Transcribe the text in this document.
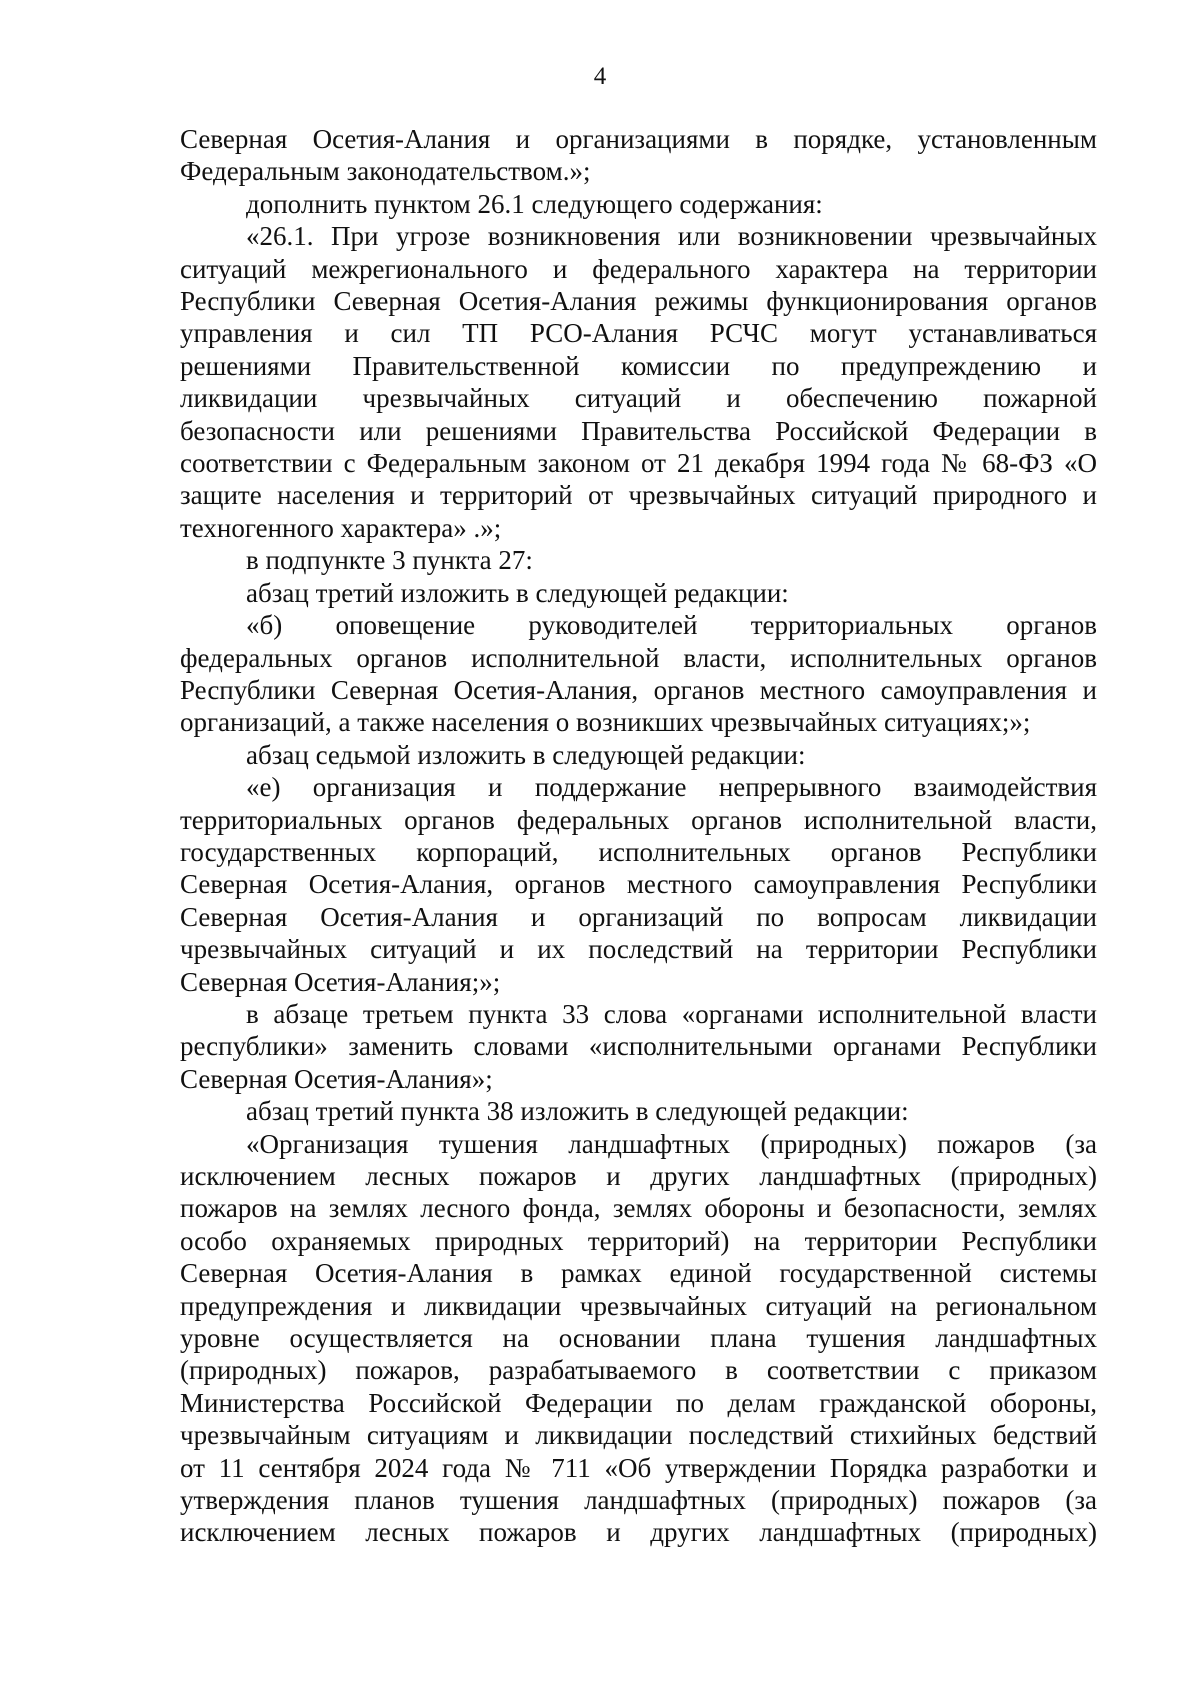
4

Северная Осетия-Алания и организациями в порядке, установленным

Федеральным законодательством.»;

дополнить пунктом 26.1 следующего содержания:

«26.1. При угрозе возникновения или возникновении чрезвычайных

ситуаций межрегионального и федерального характера на территории

Республики Северная Осетия-Алания режимы функционирования органов

управления и сил ТП РСО-Алания РСЧС могут устанавливаться

решениями Правительственной комиссии по предупреждению и

ликвидации чрезвычайных ситуаций и обеспечению пожарной

безопасности или решениями Правительства Российской Федерации в

соответствии с Федеральным законом от 21 декабря 1994 года № 68-ФЗ «О

защите населения и территорий от чрезвычайных ситуаций природного и

техногенного характера» .»;

в подпункте 3 пункта 27:

абзац третий изложить в следующей редакции:

«б) оповещение руководителей территориальных органов

федеральных органов исполнительной власти, исполнительных органов

Республики Северная Осетия-Алания, органов местного самоуправления и

организаций, а также населения о возникших чрезвычайных ситуациях;»;

абзац седьмой изложить в следующей редакции:

«е) организация и поддержание непрерывного взаимодействия

территориальных органов федеральных органов исполнительной власти,

государственных корпораций, исполнительных органов Республики

Северная Осетия-Алания, органов местного самоуправления Республики

Северная Осетия-Алания и организаций по вопросам ликвидации

чрезвычайных ситуаций и их последствий на территории Республики

Северная Осетия-Алания;»;

в абзаце третьем пункта 33 слова «органами исполнительной власти

республики» заменить словами «исполнительными органами Республики

Северная Осетия-Алания»;

абзац третий пункта 38 изложить в следующей редакции:

«Организация тушения ландшафтных (природных) пожаров (за

исключением лесных пожаров и других ландшафтных (природных)

пожаров на землях лесного фонда, землях обороны и безопасности, землях

особо охраняемых природных территорий) на территории Республики

Северная Осетия-Алания в рамках единой государственной системы

предупреждения и ликвидации чрезвычайных ситуаций на региональном

уровне осуществляется на основании плана тушения ландшафтных

(природных) пожаров, разрабатываемого в соответствии с приказом

Министерства Российской Федерации по делам гражданской обороны,

чрезвычайным ситуациям и ликвидации последствий стихийных бедствий

от 11 сентября 2024 года № 711 «Об утверждении Порядка разработки и

утверждения планов тушения ландшафтных (природных) пожаров (за

исключением лесных пожаров и других ландшафтных (природных)
